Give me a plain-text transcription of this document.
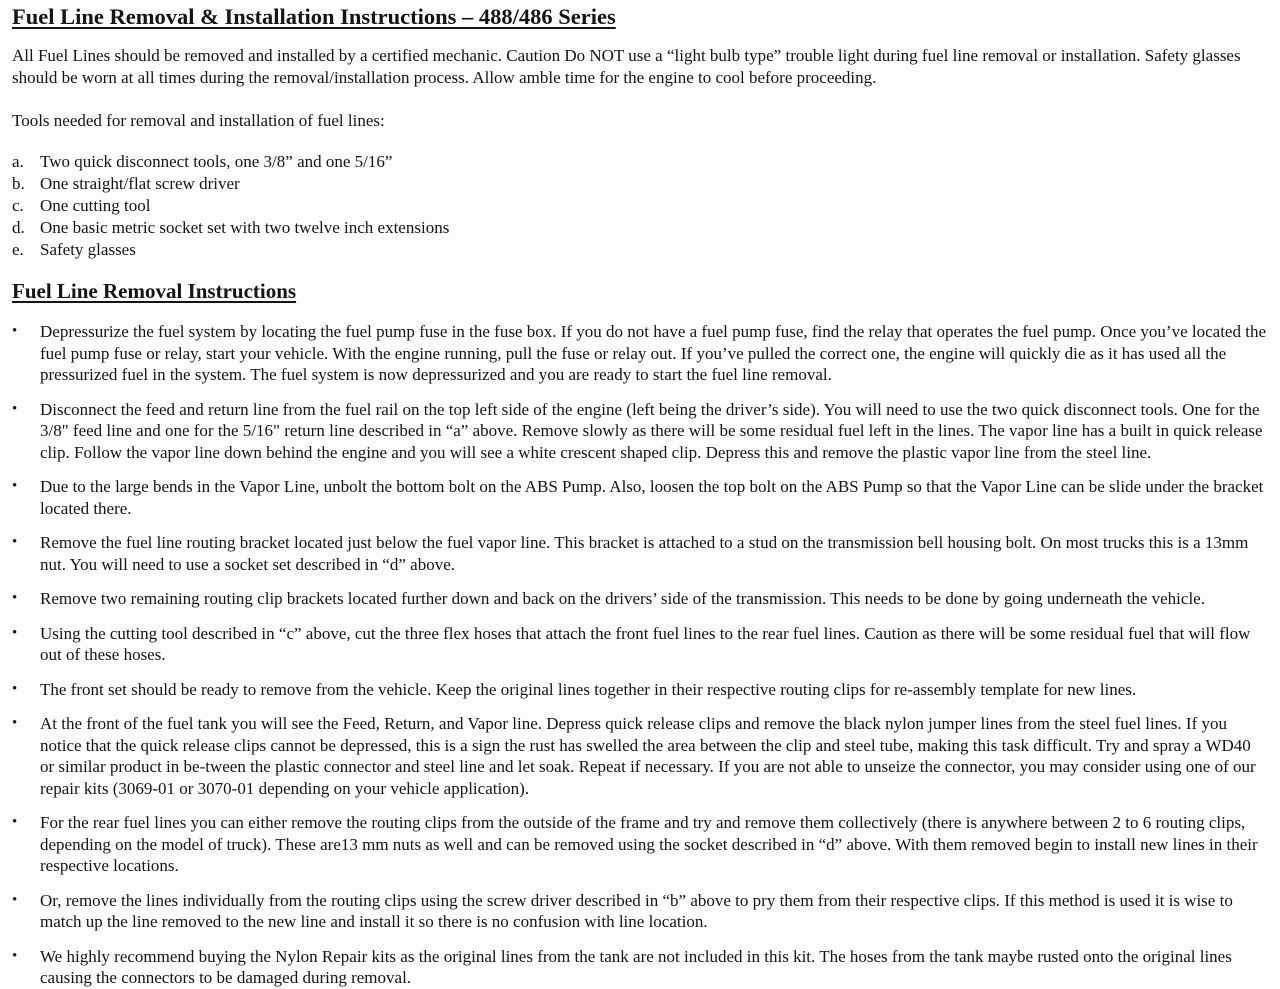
Fuel Line Removal & Installation Instructions – 488/486 Series

All Fuel Lines should be removed and installed by a certified mechanic. Caution Do NOT use a “light bulb type” trouble light during fuel line removal or installation. Safety glasses should be worn at all times during the removal/installation process. Allow amble time for the engine to cool before proceeding.

Tools needed for removal and installation of fuel lines:

a. Two quick disconnect tools, one 3/8” and one 5/16”
b. One straight/flat screw driver
c. One cutting tool
d. One basic metric socket set with two twelve inch extensions
e. Safety glasses
Fuel Line Removal Instructions
•	Depressurize the fuel system by locating the fuel pump fuse in the fuse box. If you do not have a fuel pump fuse, find the relay that operates the fuel pump. Once you’ve located the fuel pump fuse or relay, start your vehicle. With the engine running, pull the fuse or relay out. If you’ve pulled the correct one, the engine will quickly die as it has used all the pressurized fuel in the system. The fuel system is now depressurized and you are ready to start the fuel line removal.
•	Disconnect the feed and return line from the fuel rail on the top left side of the engine (left being the driver’s side). You will need to use the two quick disconnect tools. One for the 3/8" feed line and one for the 5/16" return line described in “a” above. Remove slowly as there will be some residual fuel left in the lines. The vapor line has a built in quick release clip. Follow the vapor line down behind the engine and you will see a white crescent shaped clip. Depress this and remove the plastic vapor line from the steel line.
•	Due to the large bends in the Vapor Line, unbolt the bottom bolt on the ABS Pump. Also, loosen the top bolt on the ABS Pump so that the Vapor Line can be slide under the bracket located there.
•	Remove the fuel line routing bracket located just below the fuel vapor line. This bracket is attached to a stud on the transmission bell housing bolt. On most trucks this is a 13mm nut. You will need to use a socket set described in “d” above.
•	Remove two remaining routing clip brackets located further down and back on the drivers’ side of the transmission. This needs to be done by going underneath the vehicle.
•	Using the cutting tool described in “c” above, cut the three flex hoses that attach the front fuel lines to the rear fuel lines. Caution as there will be some residual fuel that will flow out of these hoses.
•	The front set should be ready to remove from the vehicle. Keep the original lines together in their respective routing clips for re-assembly template for new lines.
•	At the front of the fuel tank you will see the Feed, Return, and Vapor line. Depress quick release clips and remove the black nylon jumper lines from the steel fuel lines. If you notice that the quick release clips cannot be depressed, this is a sign the rust has swelled the area between the clip and steel tube, making this task difficult. Try and spray a WD40 or similar product in be-tween the plastic connector and steel line and let soak. Repeat if necessary. If you are not able to unseize the connector, you may consider using one of our repair kits (3069-01 or 3070-01 depending on your vehicle application).
•	For the rear fuel lines you can either remove the routing clips from the outside of the frame and try and remove them collectively (there is anywhere between 2 to 6 routing clips, depending on the model of truck). These are13 mm nuts as well and can be removed using the socket described in “d” above. With them removed begin to install new lines in their respective locations.
•	Or, remove the lines individually from the routing clips using the screw driver described in “b” above to pry them from their respective clips. If this method is used it is wise to match up the line removed to the new line and install it so there is no confusion with line location.
•	We highly recommend buying the Nylon Repair kits as the original lines from the tank are not included in this kit. The hoses from the tank maybe rusted onto the original lines causing the connectors to be damaged during removal.
